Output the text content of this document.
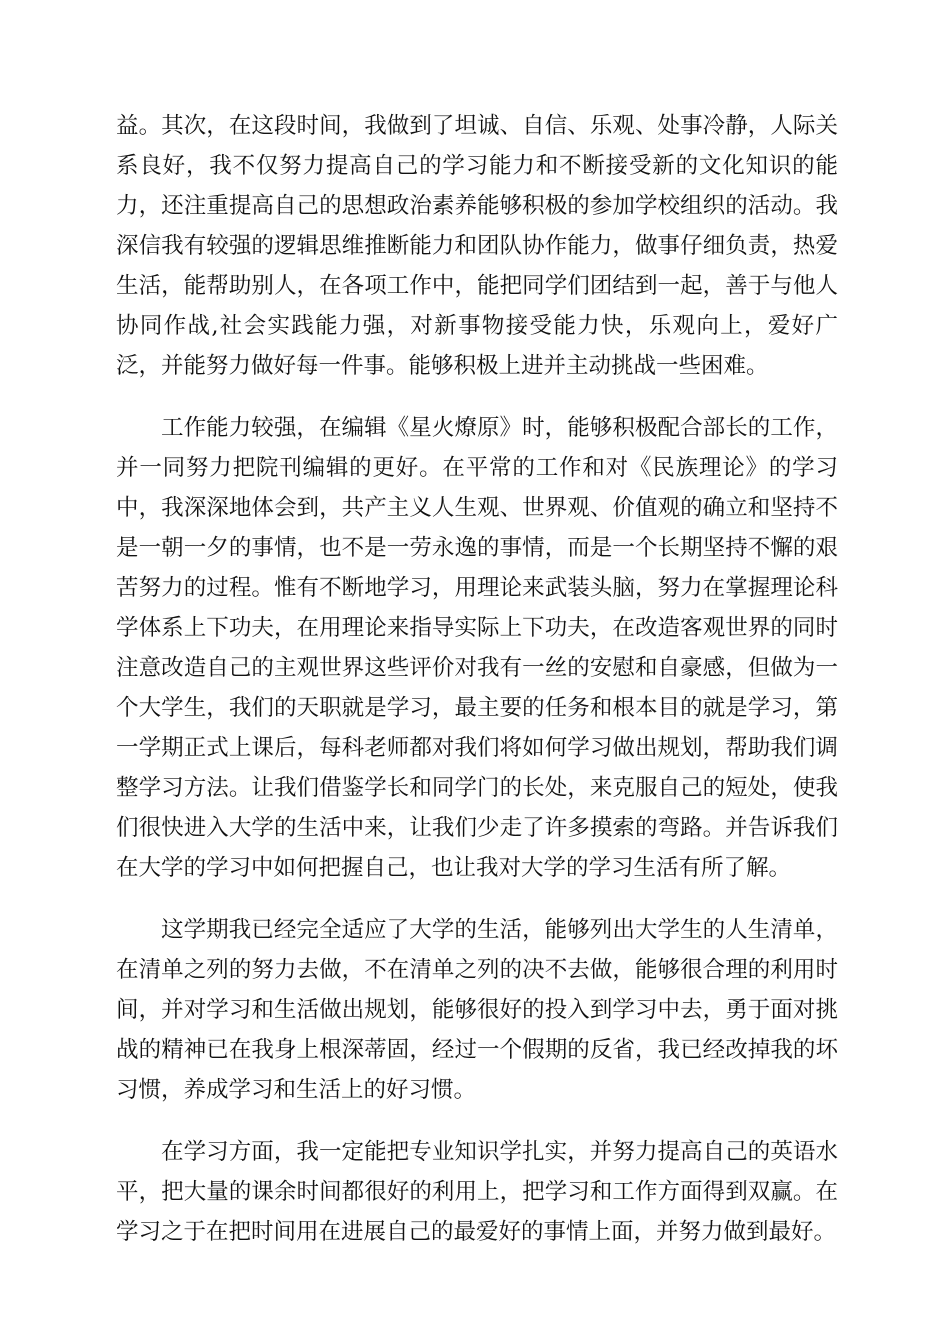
益。其次，在这段时间，我做到了坦诚、自信、乐观、处事冷静，人际关
系良好，我不仅努力提高自己的学习能力和不断接受新的文化知识的能
力，还注重提高自己的思想政治素养能够积极的参加学校组织的活动。我
深信我有较强的逻辑思维推断能力和团队协作能力，做事仔细负责，热爱
生活，能帮助别人，在各项工作中，能把同学们团结到一起，善于与他人
协同作战,社会实践能力强，对新事物接受能力快，乐观向上，爱好广
泛，并能努力做好每一件事。能够积极上进并主动挑战一些困难。
工作能力较强，在编辑《星火燎原》时，能够积极配合部长的工作，
并一同努力把院刊编辑的更好。在平常的工作和对《民族理论》的学习
中，我深深地体会到，共产主义人生观、世界观、价值观的确立和坚持不
是一朝一夕的事情，也不是一劳永逸的事情，而是一个长期坚持不懈的艰
苦努力的过程。惟有不断地学习，用理论来武装头脑，努力在掌握理论科
学体系上下功夫，在用理论来指导实际上下功夫，在改造客观世界的同时
注意改造自己的主观世界这些评价对我有一丝的安慰和自豪感，但做为一
个大学生，我们的天职就是学习，最主要的任务和根本目的就是学习，第
一学期正式上课后，每科老师都对我们将如何学习做出规划，帮助我们调
整学习方法。让我们借鉴学长和同学门的长处，来克服自己的短处，使我
们很快进入大学的生活中来，让我们少走了许多摸索的弯路。并告诉我们
在大学的学习中如何把握自己，也让我对大学的学习生活有所了解。
这学期我已经完全适应了大学的生活，能够列出大学生的人生清单，
在清单之列的努力去做，不在清单之列的决不去做，能够很合理的利用时
间，并对学习和生活做出规划，能够很好的投入到学习中去，勇于面对挑
战的精神已在我身上根深蒂固，经过一个假期的反省，我已经改掉我的坏
习惯，养成学习和生活上的好习惯。
在学习方面，我一定能把专业知识学扎实，并努力提高自己的英语水
平，把大量的课余时间都很好的利用上，把学习和工作方面得到双赢。在
学习之于在把时间用在进展自己的最爱好的事情上面，并努力做到最好。
